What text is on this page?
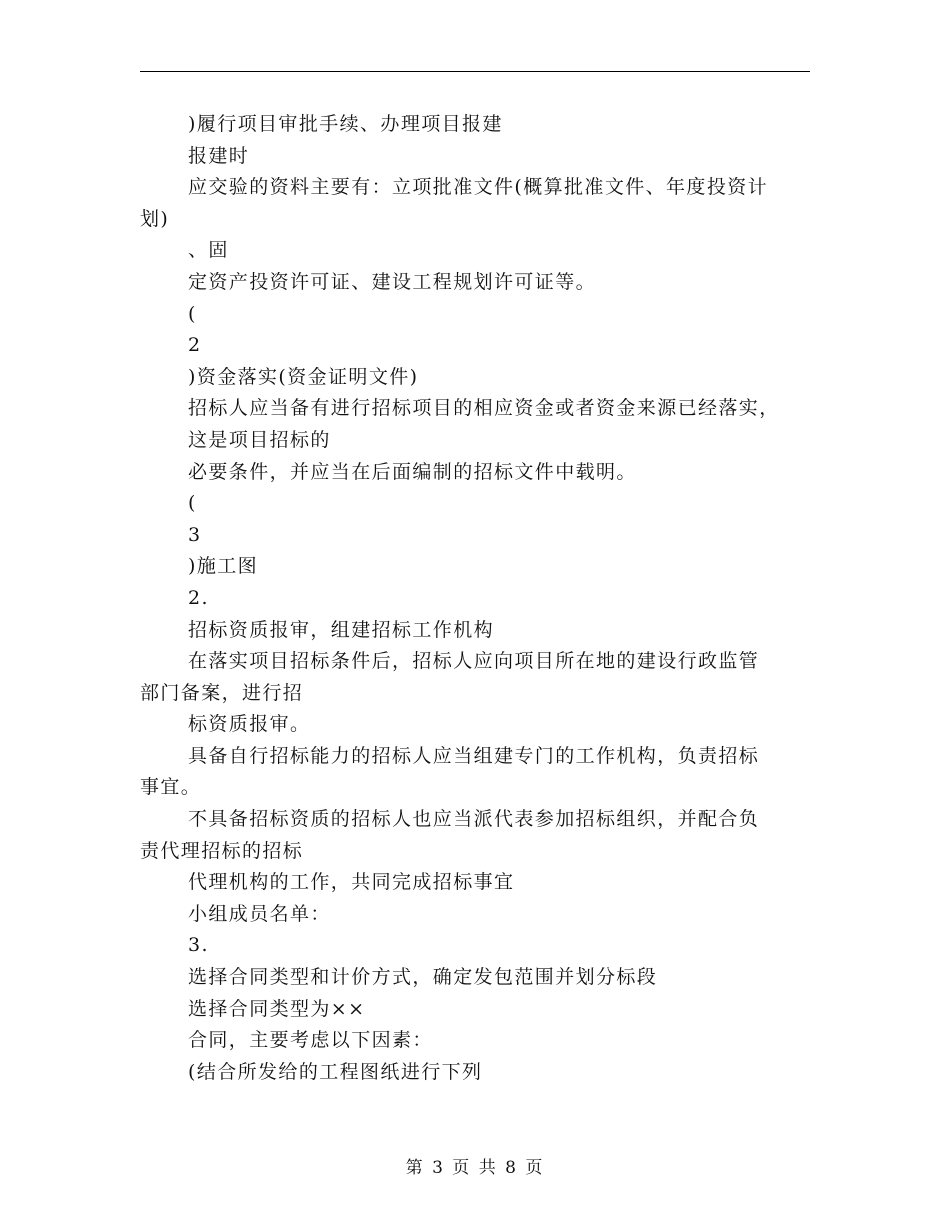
)履行项目审批手续、办理项目报建
报建时
应交验的资料主要有：立项批准文件(概算批准文件、年度投资计
划)
、固
定资产投资许可证、建设工程规划许可证等。
(
2
)资金落实(资金证明文件)
招标人应当备有进行招标项目的相应资金或者资金来源已经落实，
这是项目招标的
必要条件，并应当在后面编制的招标文件中载明。
(
3
)施工图
2.
招标资质报审，组建招标工作机构
在落实项目招标条件后，招标人应向项目所在地的建设行政监管
部门备案，进行招
标资质报审。
具备自行招标能力的招标人应当组建专门的工作机构，负责招标
事宜。
不具备招标资质的招标人也应当派代表参加招标组织，并配合负
责代理招标的招标
代理机构的工作，共同完成招标事宜
小组成员名单：
3.
选择合同类型和计价方式，确定发包范围并划分标段
选择合同类型为××
合同，主要考虑以下因素：
(结合所发给的工程图纸进行下列
第 3 页 共 8 页
